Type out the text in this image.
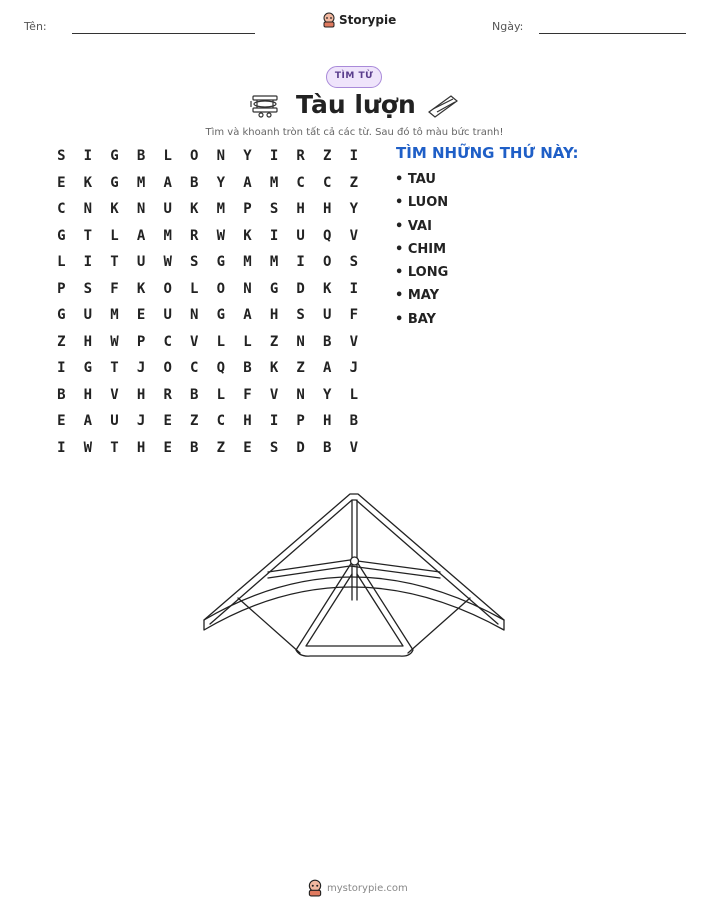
Tên:	Storypie	Ngày:
TÌM TỪ
Tàu lượn
Tìm và khoanh tròn tất cả các từ. Sau đó tô màu bức tranh!
S	I	G	B	L	O	N	Y	I	R	Z	I
E	K	G	M	A	B	Y	A	M	C	C	Z
C	N	K	N	U	K	M	P	S	H	H	Y
G	T	L	A	M	R	W	K	I	U	Q	V
L	I	T	U	W	S	G	M	M	I	O	S
P	S	F	K	O	L	O	N	G	D	K	I
G	U	M	E	U	N	G	A	H	S	U	F
Z	H	W	P	C	V	L	L	Z	N	B	V
I	G	T	J	O	C	Q	B	K	Z	A	J
B	H	V	H	R	B	L	F	V	N	Y	L
E	A	U	J	E	Z	C	H	I	P	H	B
I	W	T	H	E	B	Z	E	S	D	B	V
TÌM NHỮNG THỨ NÀY:
• TAU
• LUON
• VAI
• CHIM
• LONG
• MAY
• BAY
mystorypie.com
